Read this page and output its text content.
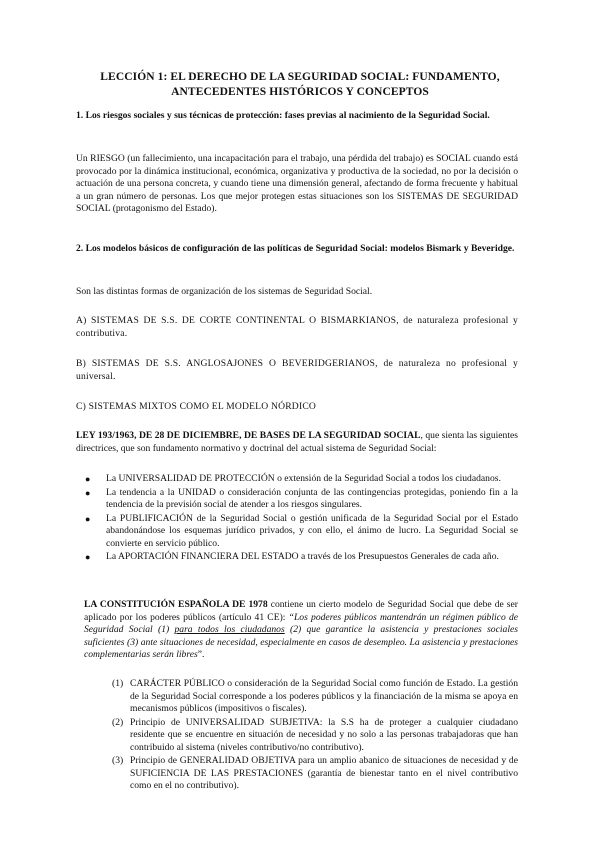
LECCIÓN 1: EL DERECHO DE LA SEGURIDAD SOCIAL: FUNDAMENTO,
ANTECEDENTES HISTÓRICOS Y CONCEPTOS
1. Los riesgos sociales y sus técnicas de protección: fases previas al nacimiento de la Seguridad Social.
Un RIESGO (un fallecimiento, una incapacitación para el trabajo, una pérdida del trabajo) es SOCIAL cuando está provocado por la dinámica institucional, económica, organizativa y productiva de la sociedad, no por la decisión o actuación de una persona concreta, y cuando tiene una dimensión general, afectando de forma frecuente y habitual a un gran número de personas. Los que mejor protegen estas situaciones son los SISTEMAS DE SEGURIDAD SOCIAL (protagonismo del Estado).
2. Los modelos básicos de configuración de las políticas de Seguridad Social: modelos Bismark y Beveridge.
Son las distintas formas de organización de los sistemas de Seguridad Social.
A) SISTEMAS DE S.S. DE CORTE CONTINENTAL O BISMARKIANOS, de naturaleza profesional y contributiva.
B) SISTEMAS DE S.S. ANGLOSAJONES O BEVERIDGERIANOS, de naturaleza no profesional y universal.
C) SISTEMAS MIXTOS COMO EL MODELO NÓRDICO
LEY 193/1963, DE 28 DE DICIEMBRE, DE BASES DE LA SEGURIDAD SOCIAL, que sienta las siguientes directrices, que son fundamento normativo y doctrinal del actual sistema de Seguridad Social:
● La UNIVERSALIDAD DE PROTECCIÓN o extensión de la Seguridad Social a todos los ciudadanos.
● La tendencia a la UNIDAD o consideración conjunta de las contingencias protegidas, poniendo fin a la tendencia de la previsión social de atender a los riesgos singulares.
● La PUBLIFICACIÓN de la Seguridad Social o gestión unificada de la Seguridad Social por el Estado abandonándose los esquemas jurídico privados, y con ello, el ánimo de lucro. La Seguridad Social se convierte en servicio público.
● La APORTACIÓN FINANCIERA DEL ESTADO a través de los Presupuestos Generales de cada año.
LA CONSTITUCIÓN ESPAÑOLA DE 1978 contiene un cierto modelo de Seguridad Social que debe de ser aplicado por los poderes públicos (artículo 41 CE): “Los poderes públicos mantendrán un régimen público de Seguridad Social (1) para todos los ciudadanos (2) que garantice la asistencia y prestaciones sociales suficientes (3) ante situaciones de necesidad, especialmente en casos de desempleo. La asistencia y prestaciones complementarias serán libres”.
(1) CARÁCTER PÚBLICO o consideración de la Seguridad Social como función de Estado. La gestión de la Seguridad Social corresponde a los poderes públicos y la financiación de la misma se apoya en mecanismos públicos (impositivos o fiscales).
(2) Principio de UNIVERSALIDAD SUBJETIVA: la S.S ha de proteger a cualquier ciudadano residente que se encuentre en situación de necesidad y no solo a las personas trabajadoras que han contribuido al sistema (niveles contributivo/no contributivo).
(3) Principio de GENERALIDAD OBJETIVA para un amplio abanico de situaciones de necesidad y de SUFICIENCIA DE LAS PRESTACIONES (garantía de bienestar tanto en el nivel contributivo como en el no contributivo).
